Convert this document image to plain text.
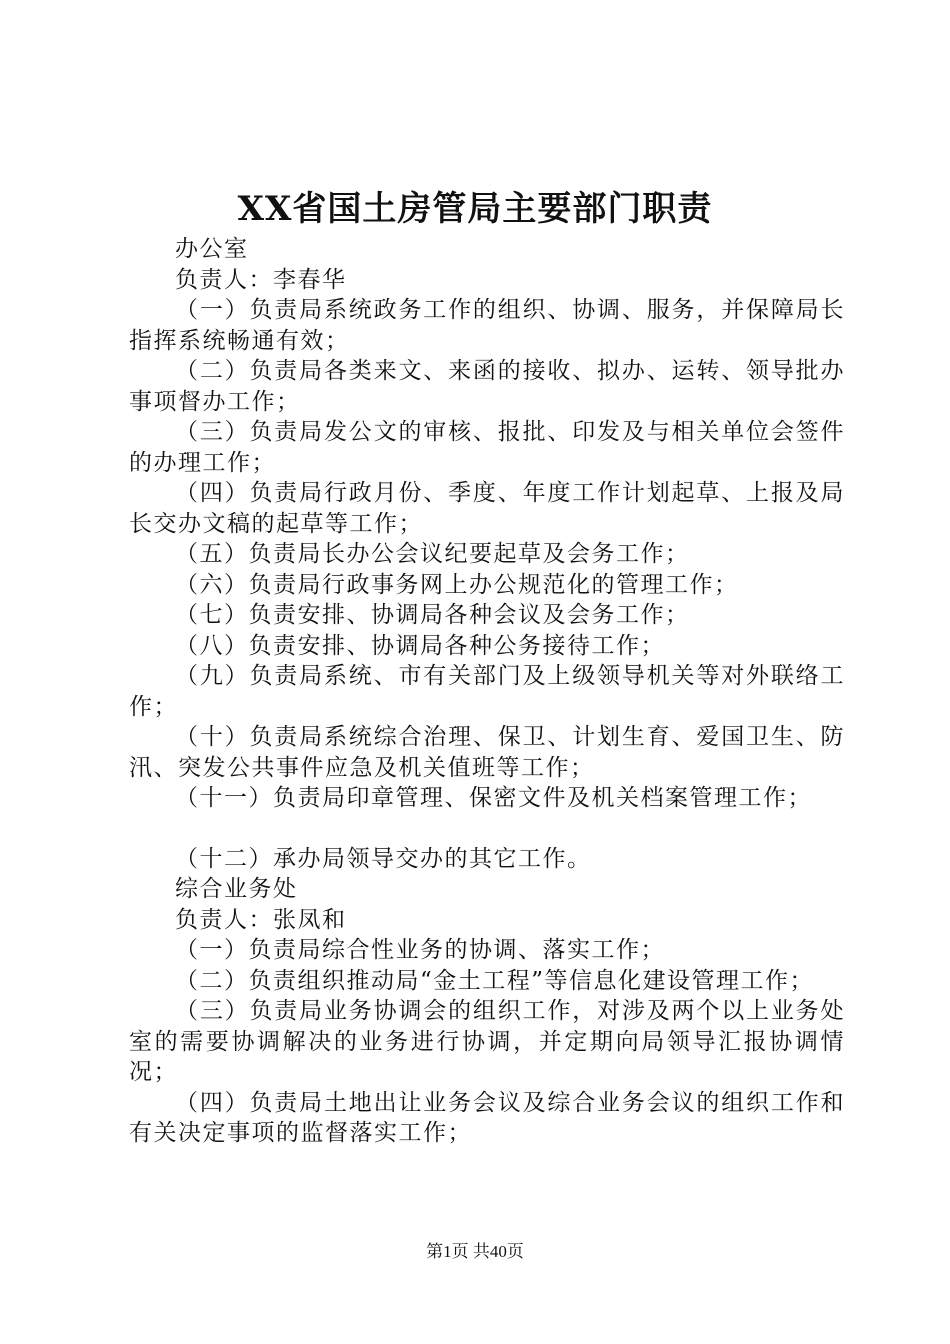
XX省国土房管局主要部门职责

办公室

负责人：李春华

（一）负责局系统政务工作的组织、协调、服务，并保障局长指挥系统畅通有效；

（二）负责局各类来文、来函的接收、拟办、运转、领导批办事项督办工作；

（三）负责局发公文的审核、报批、印发及与相关单位会签件的办理工作；

（四）负责局行政月份、季度、年度工作计划起草、上报及局长交办文稿的起草等工作；

（五）负责局长办公会议纪要起草及会务工作；

（六）负责局行政事务网上办公规范化的管理工作；

（七）负责安排、协调局各种会议及会务工作；

（八）负责安排、协调局各种公务接待工作；

（九）负责局系统、市有关部门及上级领导机关等对外联络工作；

（十）负责局系统综合治理、保卫、计划生育、爱国卫生、防汛、突发公共事件应急及机关值班等工作；

（十一）负责局印章管理、保密文件及机关档案管理工作；

（十二）承办局领导交办的其它工作。

综合业务处

负责人：张凤和

（一）负责局综合性业务的协调、落实工作；

（二）负责组织推动局“金土工程”等信息化建设管理工作；

（三）负责局业务协调会的组织工作，对涉及两个以上业务处室的需要协调解决的业务进行协调，并定期向局领导汇报协调情况；

（四）负责局土地出让业务会议及综合业务会议的组织工作和有关决定事项的监督落实工作；

第1页 共40页
